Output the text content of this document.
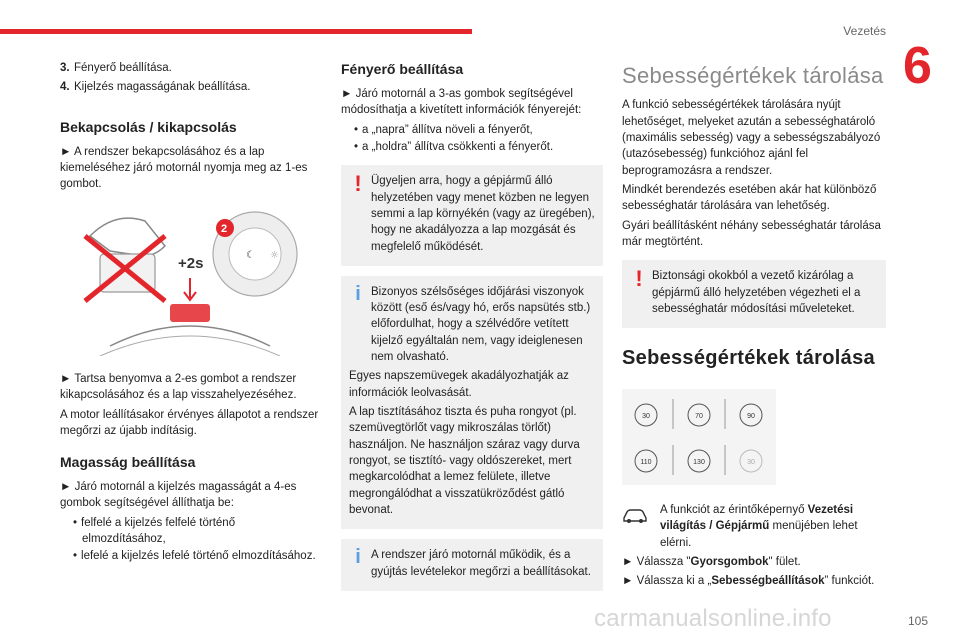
Vezetés
6

3. Fényerő beállítása.

4. Kijelzés magasságának beállítása.

Bekapcsolás / kikapcsolás

► A rendszer bekapcsolásához és a lap kiemeléséhez járó motornál nyomja meg az 1-es gombot.

☾ ☼
2
+2s

► Tartsa benyomva a 2-es gombot a rendszer kikapcsolásához és a lap visszahelyezéséhez.

A motor leállításakor érvényes állapotot a rendszer megőrzi az újabb indításig.

Magasság beállítása

► Járó motornál a kijelzés magasságát a 4-es gombok segítségével állíthatja be:

• felfelé a kijelzés felfelé történő elmozdításához,
• lefelé a kijelzés lefelé történő elmozdításához.
Fényerő beállítása

► Járó motornál a 3-as gombok segítségével módosíthatja a kivetített információk fényerejét:

• a „napra” állítva növeli a fényerőt,
• a „holdra” állítva csökkenti a fényerőt.
! Ügyeljen arra, hogy a gépjármű álló helyzetében vagy menet közben ne legyen semmi a lap környékén (vagy az üregében), hogy ne akadályozza a lap mozgását és megfelelő működését.

i Bizonyos szélsőséges időjárási viszonyok között (eső és/vagy hó, erős napsütés stb.) előfordulhat, hogy a szélvédőre vetített kijelző egyáltalán nem, vagy ideiglenesen nem olvasható.

Egyes napszemüvegek akadályozhatják az információk leolvasását.

A lap tisztításához tiszta és puha rongyot (pl. szemüvegtörlőt vagy mikroszálas törlőt) használjon. Ne használjon száraz vagy durva rongyot, se tisztító- vagy oldószereket, mert megkarcolódhat a lemez felülete, illetve megrongálódhat a visszatükröződést gátló bevonat.

i A rendszer járó motornál működik, és a gyújtás levételekor megőrzi a beállításokat.

Sebességértékek tárolása

A funkció sebességértékek tárolására nyújt lehetőséget, melyeket azután a sebességhatároló (maximális sebesség) vagy a sebességszabályozó (utazósebesség) funkcióhoz ajánl fel beprogramozásra a rendszer.

Mindkét berendezés esetében akár hat különböző sebességhatár tárolására van lehetőség.

Gyári beállításként néhány sebességhatár tárolása már megtörtént.

! Biztonsági okokból a vezető kizárólag a gépjármű álló helyzetében végezheti el a sebességhatár módosítási műveleteket.

Sebességértékek tárolása
30	70	90
110	130	30

A funkciót az érintőképernyő Vezetési világítás / Gépjármű menüjében lehet elérni.

► Válassza "Gyorsgombok" fület.

► Válassza ki a „Sebességbeállítások” funkciót.

105
carmanualsonline.info
